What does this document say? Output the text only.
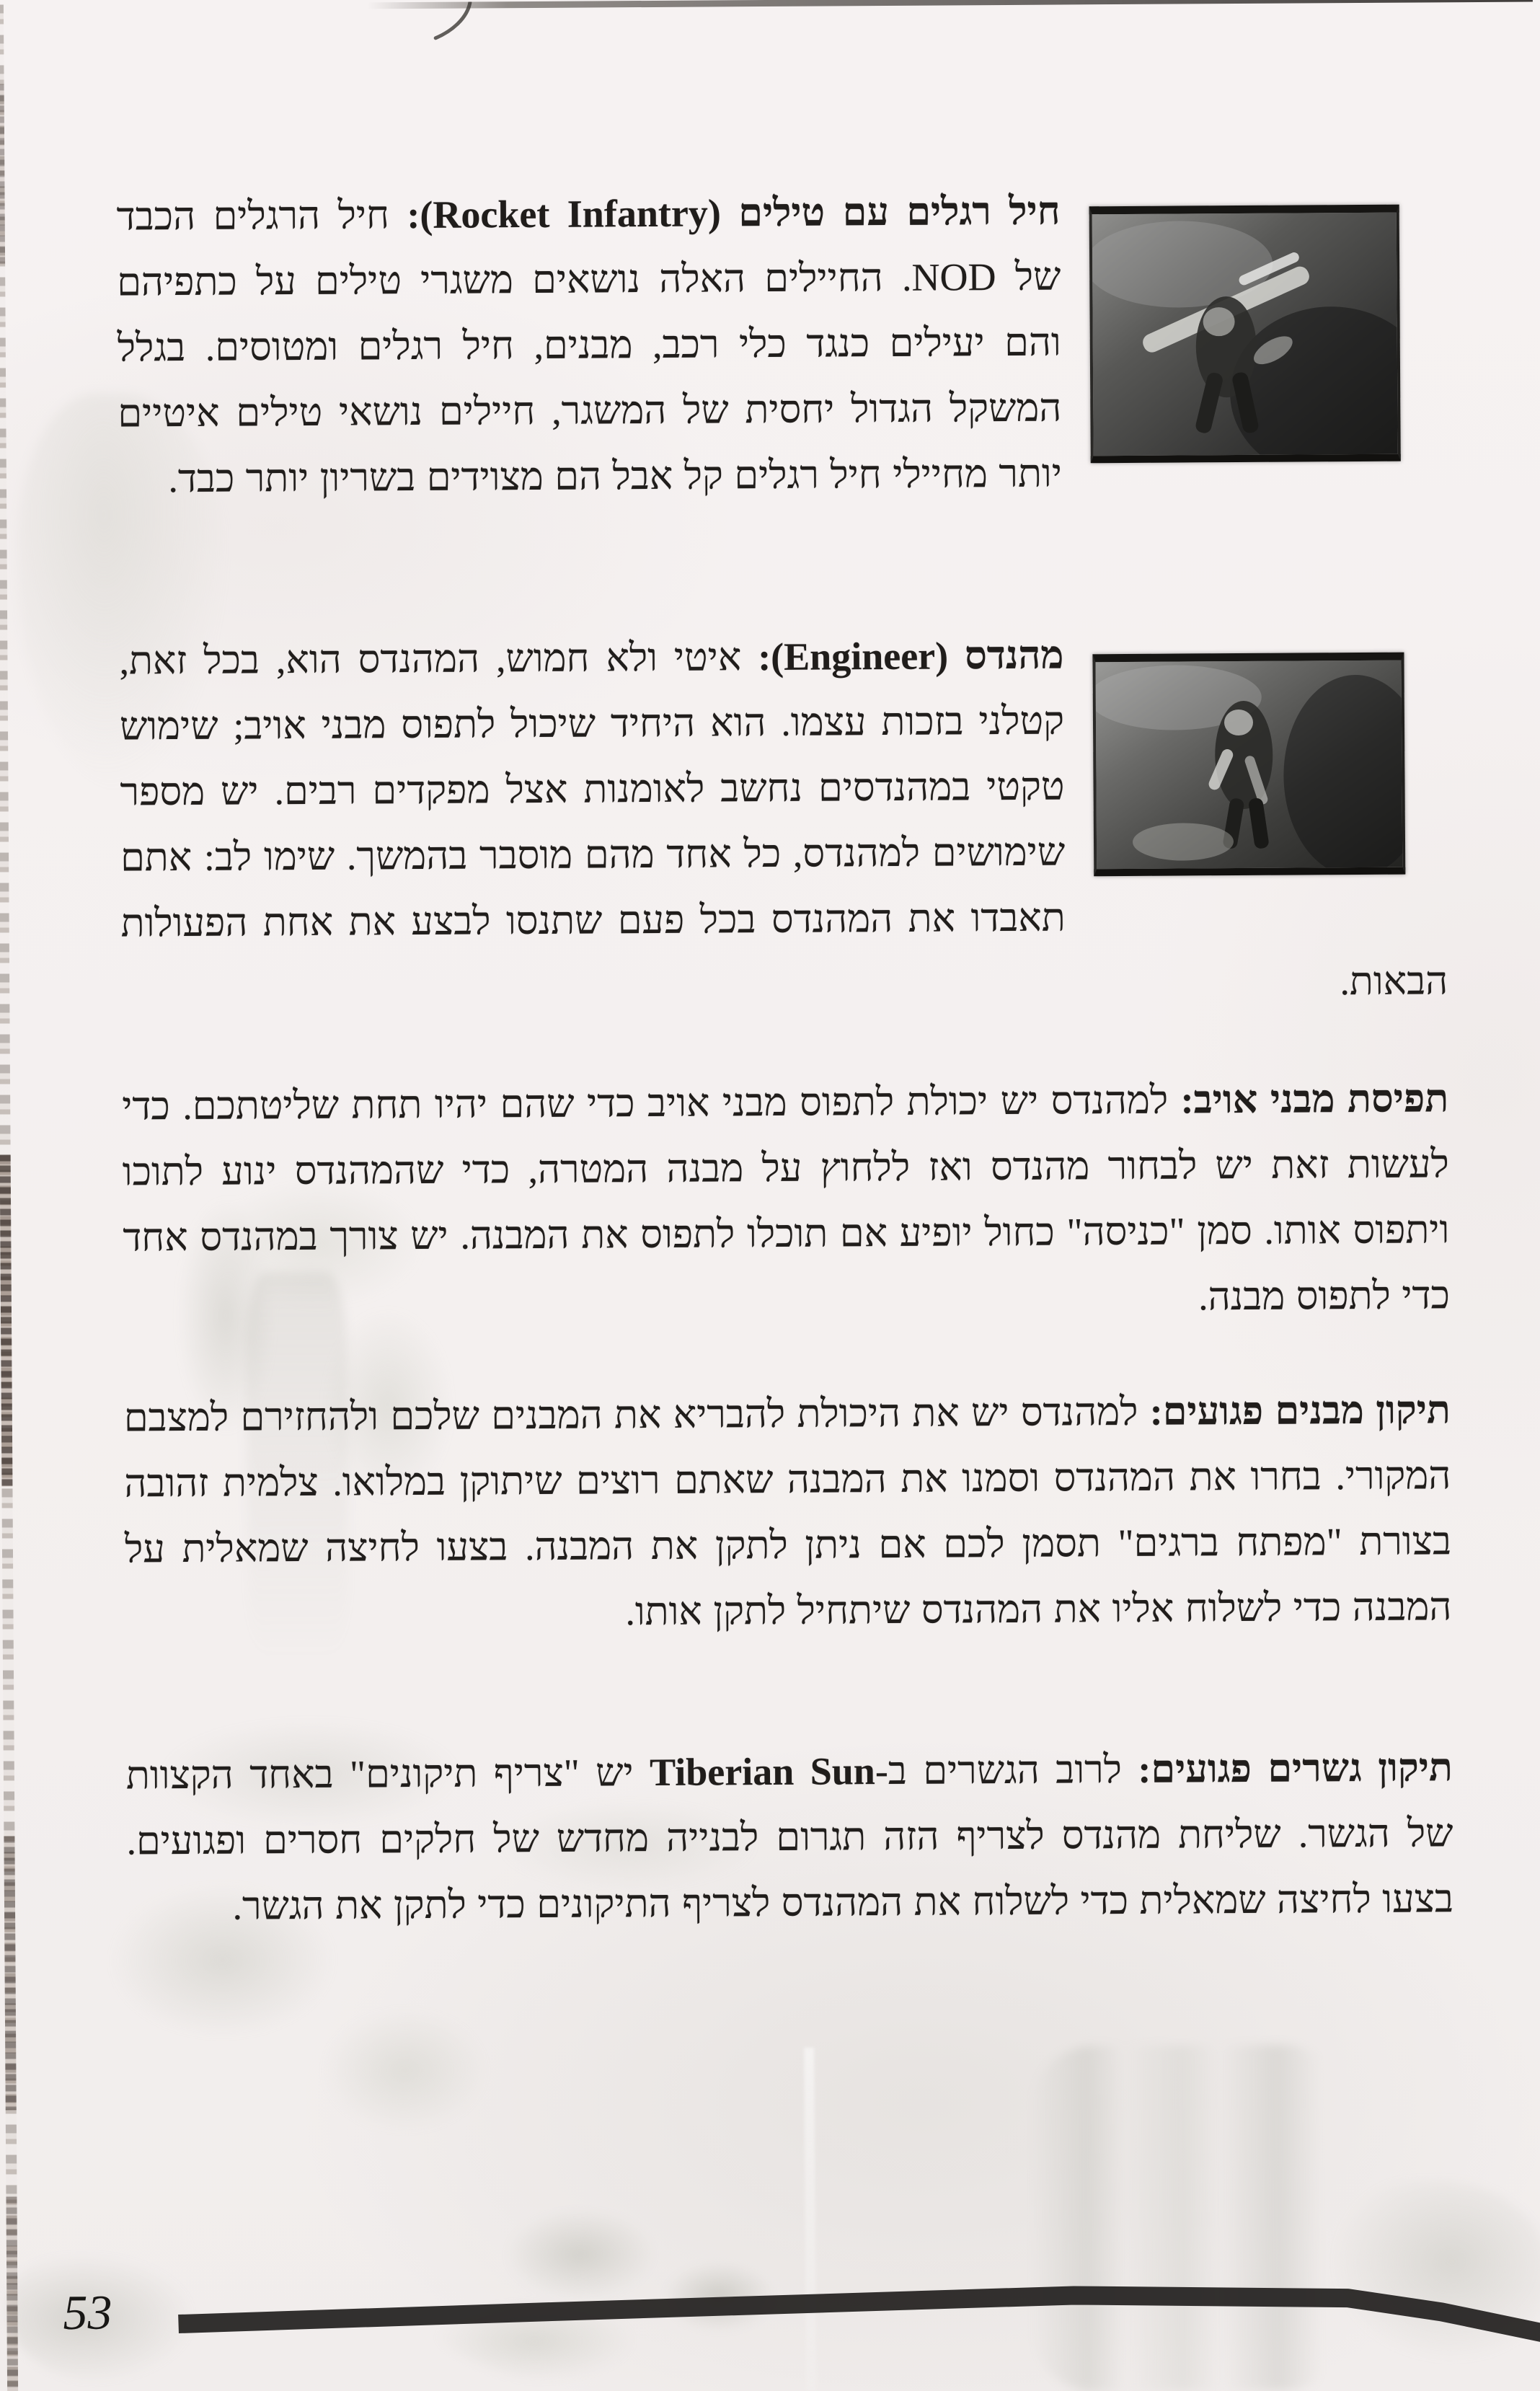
חיל רגלים עם טילים (Rocket Infantry): חיל הרגלים הכבד של NOD. החיילים האלה נושאים משגרי טילים על כתפיהם והם יעילים כנגד כלי רכב, מבנים, חיל רגלים ומטוסים. בגלל המשקל הגדול יחסית של המשגר, חיילים נושאי טילים איטיים יותר מחיילי חיל רגלים קל אבל הם מצוידים בשריון יותר כבד.

מהנדס (Engineer): איטי ולא חמוש, המהנדס הוא, בכל זאת, קטלני בזכות עצמו. הוא היחיד שיכול לתפוס מבני אויב; שימוש טקטי במהנדסים נחשב לאומנות אצל מפקדים רבים. יש מספר שימושים למהנדס, כל אחד מהם מוסבר בהמשך. שימו לב: אתם תאבדו את המהנדס בכל פעם שתנסו לבצע את אחת הפעולות הבאות.

תפיסת מבני אויב: למהנדס יש יכולת לתפוס מבני אויב כדי שהם יהיו תחת שליטתכם. כדי לעשות זאת יש לבחור מהנדס ואז ללחוץ על מבנה המטרה, כדי שהמהנדס ינוע לתוכו ויתפוס אותו. סמן "כניסה" כחול יופיע אם תוכלו לתפוס את המבנה. יש צורך במהנדס אחד כדי לתפוס מבנה.

תיקון מבנים פגועים: למהנדס יש את היכולת להבריא את המבנים שלכם ולהחזירם למצבם המקורי. בחרו את המהנדס וסמנו את המבנה שאתם רוצים שיתוקן במלואו. צלמית זהובה בצורת "מפתח ברגים" תסמן לכם אם ניתן לתקן את המבנה. בצעו לחיצה שמאלית על המבנה כדי לשלוח אליו את המהנדס שיתחיל לתקן אותו.

תיקון גשרים פגועים: לרוב הגשרים ב-Tiberian Sun יש "צריף תיקונים" באחד הקצוות של הגשר. שליחת מהנדס לצריף הזה תגרום לבנייה מחדש של חלקים חסרים ופגועים. בצעו לחיצה שמאלית כדי לשלוח את המהנדס לצריף התיקונים כדי לתקן את הגשר.

53
